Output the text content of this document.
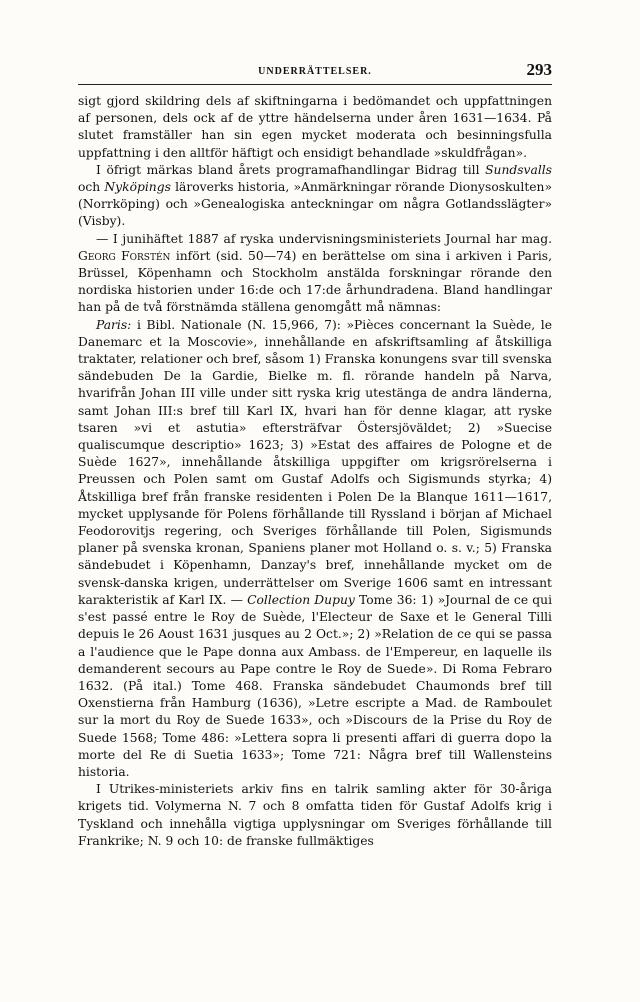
UNDERRÄTTELSER.	293

sigt gjord skildring dels af skiftningarna i bedömandet och uppfattningen af personen, dels ock af de yttre händelserna under åren 1631—1634. På slutet framställer han sin egen mycket moderata och besinningsfulla uppfattning i den alltför häftigt och ensidigt behandlade »skuldfrågan».

I öfrigt märkas bland årets programafhandlingar Bidrag till Sundsvalls och Nyköpings läroverks historia, »Anmärkningar rörande Dionysoskulten» (Norrköping) och »Genealogiska anteckningar om några Gotlandsslägter» (Visby).

— I junihäftet 1887 af ryska undervisningsministeriets Journal har mag. Georg Forstén infört (sid. 50—74) en berättelse om sina i arkiven i Paris, Brüssel, Köpenhamn och Stockholm anstälda forskningar rörande den nordiska historien under 16:de och 17:de århundradena. Bland handlingar han på de två förstnämda ställena genomgått må nämnas:

Paris: i Bibl. Nationale (N. 15,966, 7): »Pièces concernant la Suède, le Danemarc et la Moscovie», innehållande en afskriftsamling af åtskilliga traktater, relationer och bref, såsom 1) Franska konungens svar till svenska sändebuden De la Gardie, Bielke m. fl. rörande handeln på Narva, hvarifrån Johan III ville under sitt ryska krig utestänga de andra länderna, samt Johan III:s bref till Karl IX, hvari han för denne klagar, att ryske tsaren »vi et astutia» eftersträfvar Östersjöväldet; 2) »Suecise qualiscumque descriptio» 1623; 3) »Estat des affaires de Pologne et de Suède 1627», innehållande åtskilliga uppgifter om krigsrörelserna i Preussen och Polen samt om Gustaf Adolfs och Sigismunds styrka; 4) Åtskilliga bref från franske residenten i Polen De la Blanque 1611—1617, mycket upplysande för Polens förhållande till Ryssland i början af Michael Feodorovitjs regering, och Sveriges förhållande till Polen, Sigismunds planer på svenska kronan, Spaniens planer mot Holland o. s. v.; 5) Franska sändebudet i Köpenhamn, Danzay's bref, innehållande mycket om de svensk-danska krigen, underrättelser om Sverige 1606 samt en intressant karakteristik af Karl IX. — Collection Dupuy Tome 36: 1) »Journal de ce qui s'est passé entre le Roy de Suède, l'Electeur de Saxe et le General Tilli depuis le 26 Aoust 1631 jusques au 2 Oct.»; 2) »Relation de ce qui se passa a l'audience que le Pape donna aux Ambass. de l'Empereur, en laquelle ils demanderent secours au Pape contre le Roy de Suede». Di Roma Febraro 1632. (På ital.) Tome 468. Franska sändebudet Chaumonds bref till Oxenstierna från Hamburg (1636), »Letre escripte a Mad. de Ramboulet sur la mort du Roy de Suede 1633», och »Discours de la Prise du Roy de Suede 1568; Tome 486: »Lettera sopra li presenti affari di guerra dopo la morte del Re di Suetia 1633»; Tome 721: Några bref till Wallensteins historia.

I Utrikes-ministeriets arkiv fins en talrik samling akter för 30-åriga krigets tid. Volymerna N. 7 och 8 omfatta tiden för Gustaf Adolfs krig i Tyskland och innehålla vigtiga upplysningar om Sveriges förhållande till Frankrike; N. 9 och 10: de franske fullmäktiges
